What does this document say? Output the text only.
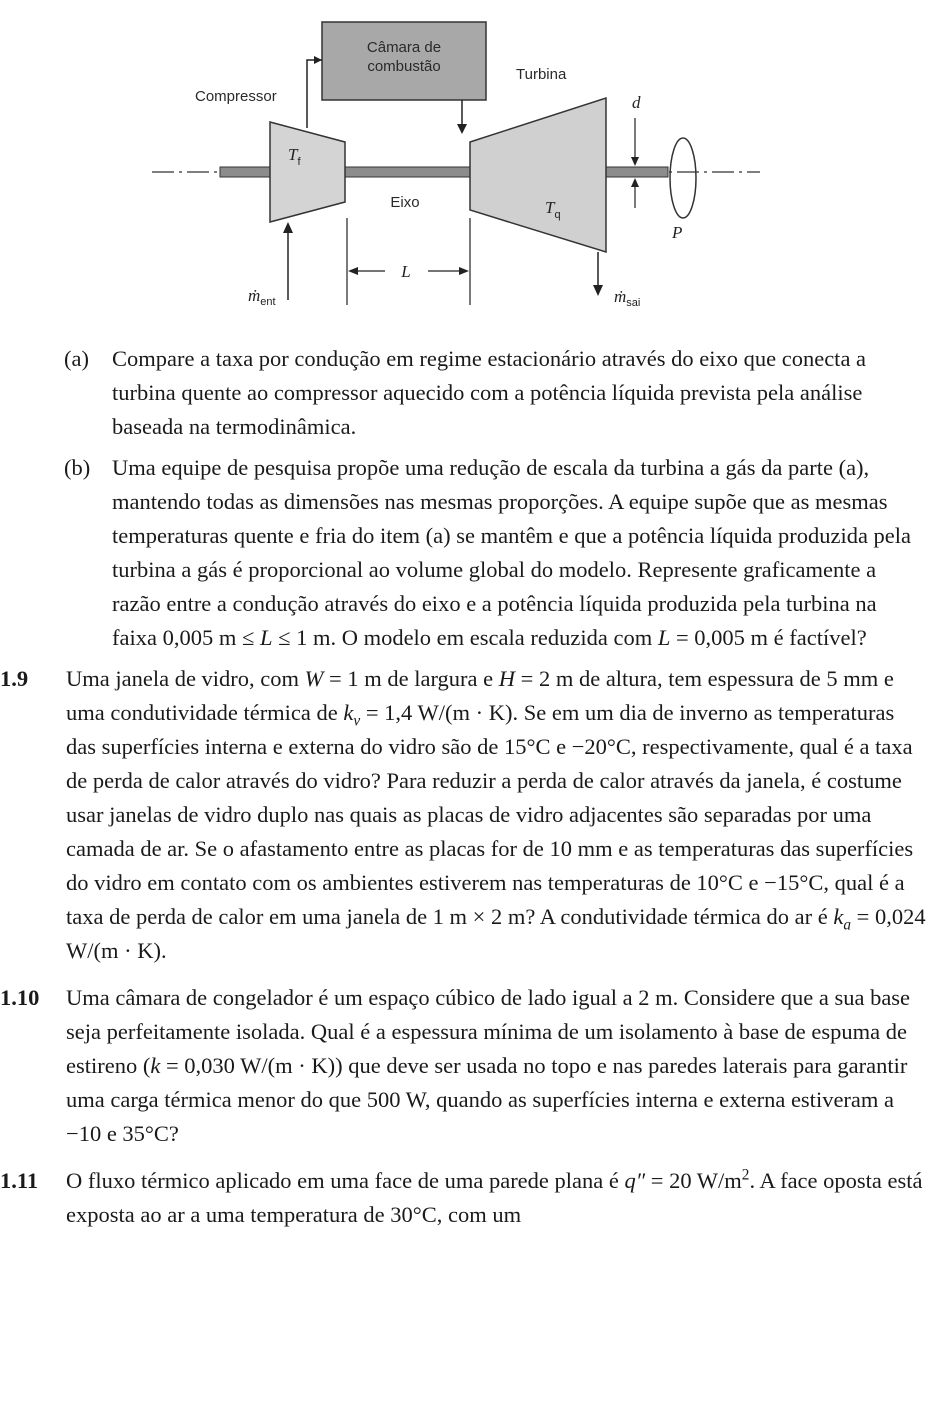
Câmara de
combustão
Compressor
$T_f$
Turbina
$T_q$
Eixo
P
d
ṁ$_{ent}$	ṁ$_{sai}$
L
(a) Compare a taxa por condução em regime estacionário através do eixo que conecta a turbina quente ao compressor aquecido com a potência líquida prevista pela análise baseada na termodinâmica.
(b) Uma equipe de pesquisa propõe uma redução de escala da turbina a gás da parte (a), mantendo todas as dimensões nas mesmas proporções. A equipe supõe que as mesmas temperaturas quente e fria do item (a) se mantêm e que a potência líquida produzida pela turbina a gás é proporcional ao volume global do modelo. Represente graficamente a razão entre a condução através do eixo e a potência líquida produzida pela turbina na faixa 0,005 m ≤ L ≤ 1 m. O modelo em escala reduzida com L = 0,005 m é factível?
1.9 Uma janela de vidro, com W = 1 m de largura e H = 2 m de altura, tem espessura de 5 mm e uma condutividade térmica de $k_v = 1,4$ W/(m · K). Se em um dia de inverno as temperaturas das superfícies interna e externa do vidro são de 15°C e −20°C, respectivamente, qual é a taxa de perda de calor através do vidro? Para reduzir a perda de calor através da janela, é costume usar janelas de vidro duplo nas quais as placas de vidro adjacentes são separadas por uma camada de ar. Se o afastamento entre as placas for de 10 mm e as temperaturas das superfícies do vidro em contato com os ambientes estiverem nas temperaturas de 10°C e −15°C, qual é a taxa de perda de calor em uma janela de 1 m × 2 m? A condutividade térmica do ar é $k_a = 0,024$ W/(m · K).
1.10 Uma câmara de congelador é um espaço cúbico de lado igual a 2 m. Considere que a sua base seja perfeitamente isolada. Qual é a espessura mínima de um isolamento à base de espuma de estireno (k = 0,030 W/(m · K)) que deve ser usada no topo e nas paredes laterais para garantir uma carga térmica menor do que 500 W, quando as superfícies interna e externa estiveram a −10 e 35°C?
1.11 O fluxo térmico aplicado em uma face de uma parede plana é q″ = 20 $W/m^2$. A face oposta está exposta ao ar a uma temperatura de 30°C, com um
